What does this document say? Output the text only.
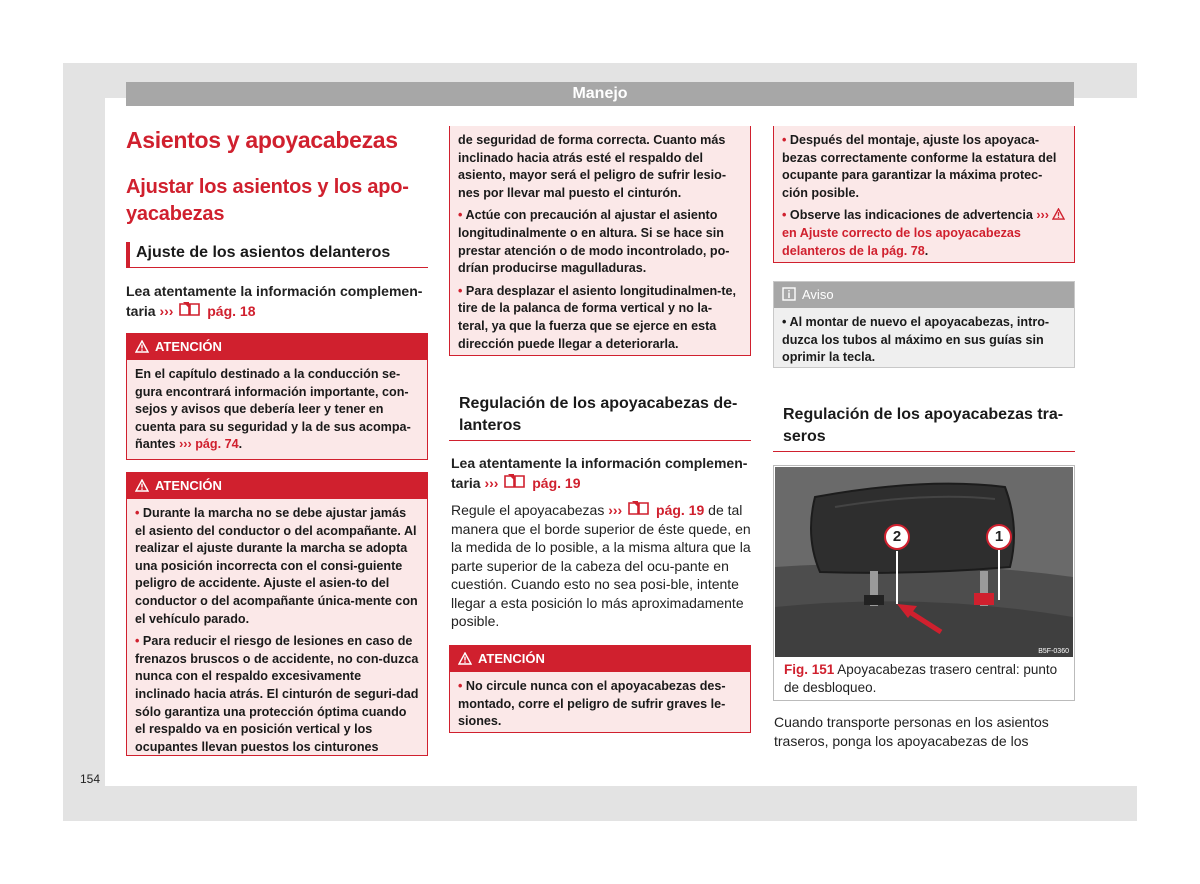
Manejo
Asientos y apoyacabezas
Ajustar los asientos y los apo-
yacabezas
Ajuste de los asientos delanteros
Lea atentamente la información complemen-
taria ››› pág. 18
ATENCIÓN
En el capítulo destinado a la conducción se-gura encontrará información importante, con-sejos y avisos que debería leer y tener en cuenta para su seguridad y la de sus acompa-ñantes ››› pág. 74.
ATENCIÓN

• Durante la marcha no se debe ajustar jamás el asiento del conductor o del acompañante. Al realizar el ajuste durante la marcha se adopta una posición incorrecta con el consi-guiente peligro de accidente. Ajuste el asien-to del conductor o del acompañante única-mente con el vehículo parado.

• Para reducir el riesgo de lesiones en caso de frenazos bruscos o de accidente, no con-duzca nunca con el respaldo excesivamente inclinado hacia atrás. El cinturón de seguri-dad sólo garantiza una protección óptima cuando el respaldo va en posición vertical y los ocupantes llevan puestos los cinturones

de seguridad de forma correcta. Cuanto más inclinado hacia atrás esté el respaldo del asiento, mayor será el peligro de sufrir lesio-nes por llevar mal puesto el cinturón.

• Actúe con precaución al ajustar el asiento longitudinalmente o en altura. Si se hace sin prestar atención o de modo incontrolado, po-drían producirse magulladuras.

• Para desplazar el asiento longitudinalmen-te, tire de la palanca de forma vertical y no la-teral, ya que la fuerza que se ejerce en esta dirección puede llegar a deteriorarla.

Regulación de los apoyacabezas de-lanteros
Lea atentamente la información complemen-
taria ››› pág. 19
Regule el apoyacabezas ››› pág. 19 de tal manera que el borde superior de éste quede, en la medida de lo posible, a la misma altura que la parte superior de la cabeza del ocu-pante en cuestión. Cuando esto no sea posi-ble, intente llegar a esta posición lo más aproximadamente posible.
ATENCIÓN

• No circule nunca con el apoyacabezas des-montado, corre el peligro de sufrir graves le-siones.

• Después del montaje, ajuste los apoyaca-bezas correctamente conforme la estatura del ocupante para garantizar la máxima protec-ción posible.

• Observe las indicaciones de advertencia ›››  en Ajuste correcto de los apoyacabezas delanteros de la pág. 78.

Aviso
• Al montar de nuevo el apoyacabezas, intro-duzca los tubos al máximo en sus guías sin oprimir la tecla.
Regulación de los apoyacabezas tra-seros
2	1
B5F-0360
Fig. 151 Apoyacabezas trasero central: punto de desbloqueo.
Cuando transporte personas en los asientos traseros, ponga los apoyacabezas de los
154
